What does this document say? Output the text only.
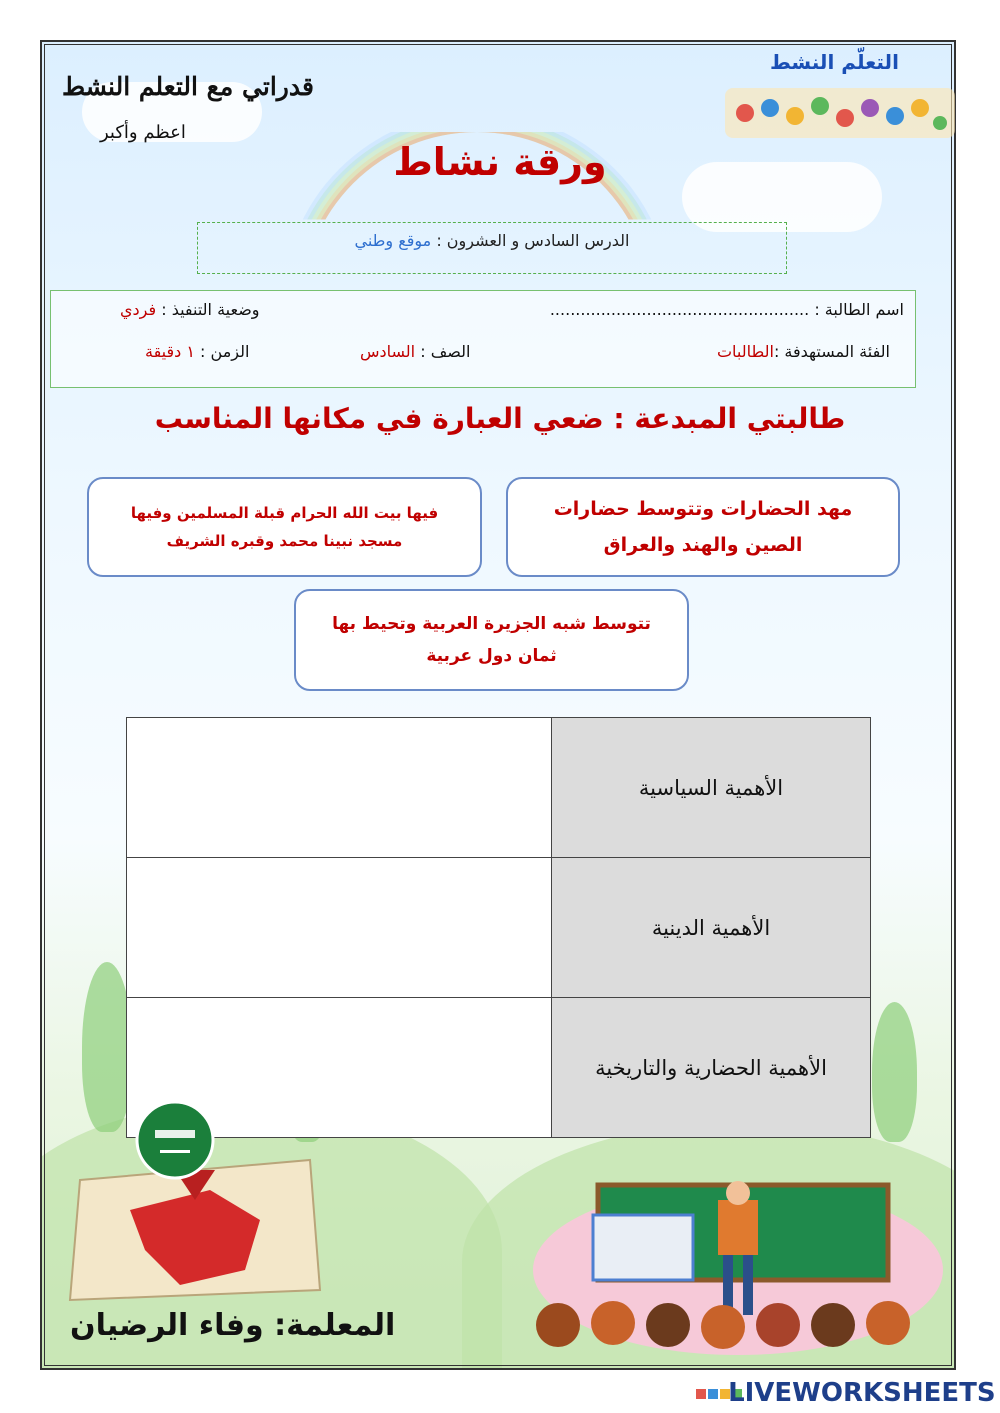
قدراتي مع التعلم النشط
اعظم وأكبر
التعلّم النشط
ورقة نشاط
الدرس السادس و العشرون : موقع وطني
اسم الطالبة : ...................................................
وضعية التنفيذ : فردي
الفئة المستهدفة :الطالبات
الصف : السادس
الزمن : ١ دقيقة
طالبتي المبدعة : ضعي العبارة في مكانها المناسب
مهد الحضارات وتتوسط حضارات الصين والهند والعراق
فيها بيت الله الحرام قبلة المسلمين وفيها مسجد نبينا محمد وقبره الشريف
تتوسط شبه الجزيرة العربية وتحيط بها ثمان دول عربية
	الأهمية السياسية
	الأهمية الدينية
	الأهمية الحضارية والتاريخية
المعلمة: وفاء الرضيان
LIVEWORKSHEETS
